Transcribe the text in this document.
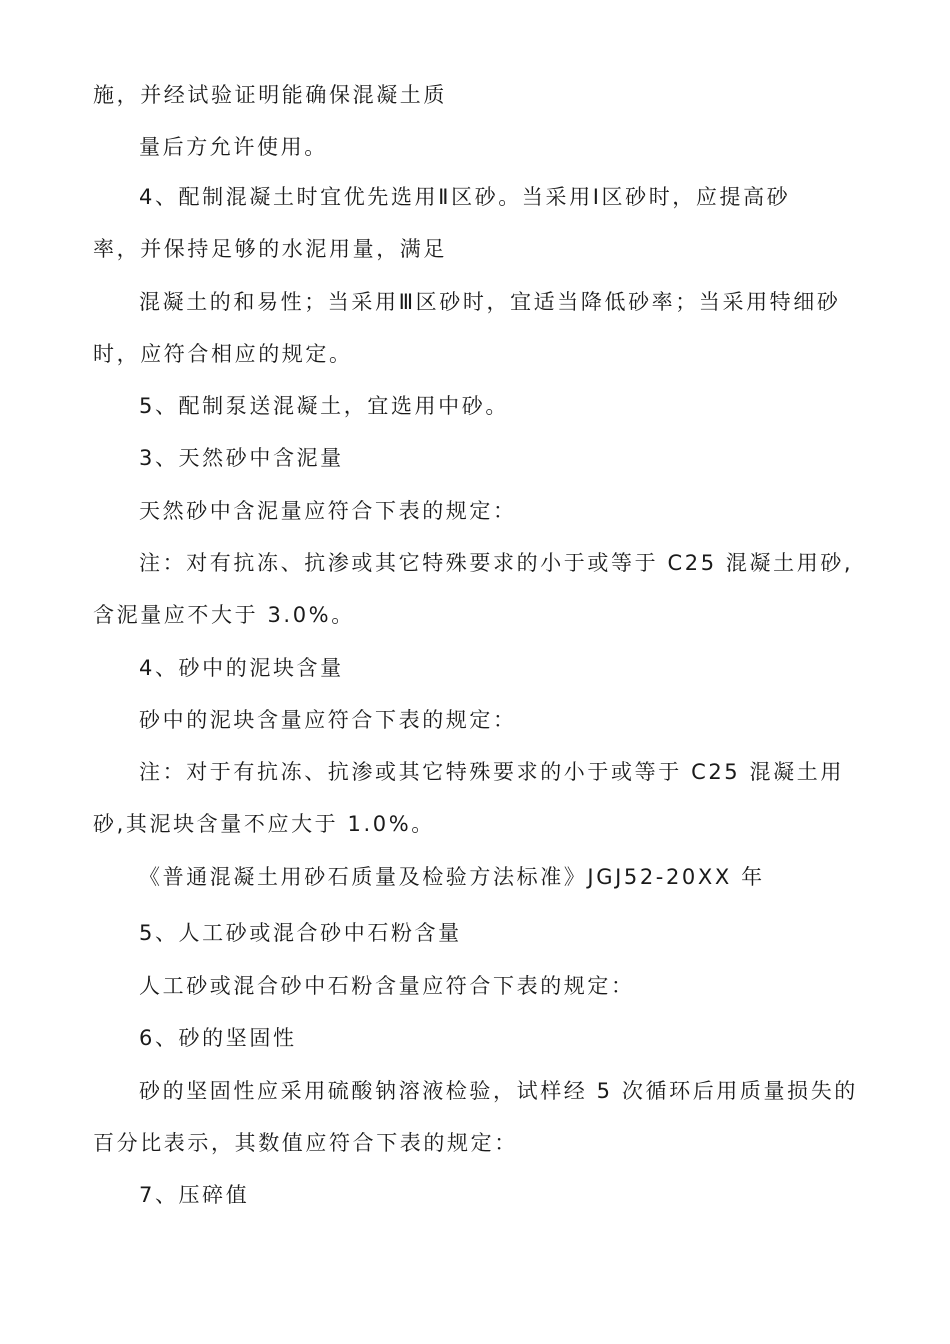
施，并经试验证明能确保混凝土质
量后方允许使用。
4、配制混凝土时宜优先选用Ⅱ区砂。当采用Ⅰ区砂时，应提高砂
率，并保持足够的水泥用量，满足
混凝土的和易性；当采用Ⅲ区砂时，宜适当降低砂率；当采用特细砂
时，应符合相应的规定。
5、配制泵送混凝土，宜选用中砂。
3、天然砂中含泥量
天然砂中含泥量应符合下表的规定：
注：对有抗冻、抗渗或其它特殊要求的小于或等于 C25 混凝土用砂,
含泥量应不大于 3.0%。
4、砂中的泥块含量
砂中的泥块含量应符合下表的规定：
注：对于有抗冻、抗渗或其它特殊要求的小于或等于 C25 混凝土用
砂,其泥块含量不应大于 1.0%。
《普通混凝土用砂石质量及检验方法标准》JGJ52-20XX 年
5、人工砂或混合砂中石粉含量
人工砂或混合砂中石粉含量应符合下表的规定：
6、砂的坚固性
砂的坚固性应采用硫酸钠溶液检验，试样经 5 次循环后用质量损失的
百分比表示，其数值应符合下表的规定：
7、压碎值
